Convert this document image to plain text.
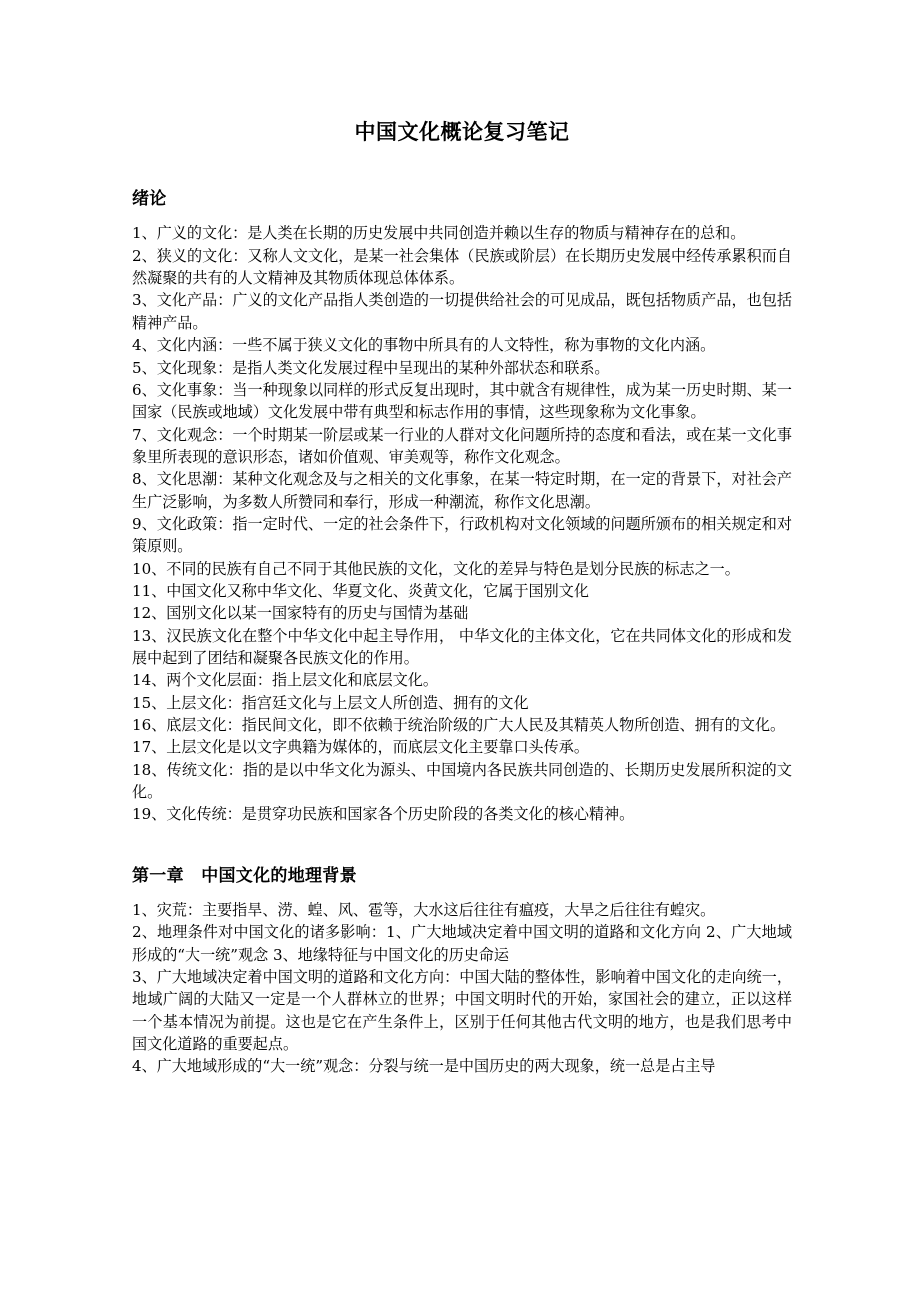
中国文化概论复习笔记
绪论

1、广义的文化：是人类在长期的历史发展中共同创造并赖以生存的物质与精神存在的总和。

2、狭义的文化：又称人文文化，是某一社会集体（民族或阶层）在长期历史发展中经传承累积而自然凝聚的共有的人文精神及其物质体现总体体系。

3、文化产品：广义的文化产品指人类创造的一切提供给社会的可见成品，既包括物质产品，也包括精神产品。

4、文化内涵：一些不属于狭义文化的事物中所具有的人文特性，称为事物的文化内涵。

5、文化现象：是指人类文化发展过程中呈现出的某种外部状态和联系。

6、文化事象：当一种现象以同样的形式反复出现时，其中就含有规律性，成为某一历史时期、某一国家（民族或地域）文化发展中带有典型和标志作用的事情，这些现象称为文化事象。

7、文化观念：一个时期某一阶层或某一行业的人群对文化问题所持的态度和看法，或在某一文化事象里所表现的意识形态，诸如价值观、审美观等，称作文化观念。

8、文化思潮：某种文化观念及与之相关的文化事象，在某一特定时期，在一定的背景下，对社会产生广泛影响，为多数人所赞同和奉行，形成一种潮流，称作文化思潮。

9、文化政策：指一定时代、一定的社会条件下，行政机构对文化领域的问题所颁布的相关规定和对策原则。

10、不同的民族有自己不同于其他民族的文化，文化的差异与特色是划分民族的标志之一。

11、中国文化又称中华文化、华夏文化、炎黄文化，它属于国别文化

12、国别文化以某一国家特有的历史与国情为基础

13、汉民族文化在整个中华文化中起主导作用， 中华文化的主体文化，它在共同体文化的形成和发展中起到了团结和凝聚各民族文化的作用。

14、两个文化层面：指上层文化和底层文化。

15、上层文化：指宫廷文化与上层文人所创造、拥有的文化

16、底层文化：指民间文化，即不依赖于统治阶级的广大人民及其精英人物所创造、拥有的文化。

17、上层文化是以文字典籍为媒体的，而底层文化主要靠口头传承。

18、传统文化：指的是以中华文化为源头、中国境内各民族共同创造的、长期历史发展所积淀的文化。

19、文化传统：是贯穿功民族和国家各个历史阶段的各类文化的核心精神。

第一章　中国文化的地理背景

1、灾荒：主要指旱、涝、蝗、风、雹等，大水这后往往有瘟疫，大旱之后往往有蝗灾。

2、地理条件对中国文化的诸多影响：1、广大地域决定着中国文明的道路和文化方向 2、广大地域形成的“大一统”观念 3、地缘特征与中国文化的历史命运

3、广大地域决定着中国文明的道路和文化方向：中国大陆的整体性，影响着中国文化的走向统一，地域广阔的大陆又一定是一个人群林立的世界；中国文明时代的开始，家国社会的建立，正以这样一个基本情况为前提。这也是它在产生条件上，区别于任何其他古代文明的地方，也是我们思考中国文化道路的重要起点。

4、广大地域形成的“大一统”观念：分裂与统一是中国历史的两大现象，统一总是占主导
